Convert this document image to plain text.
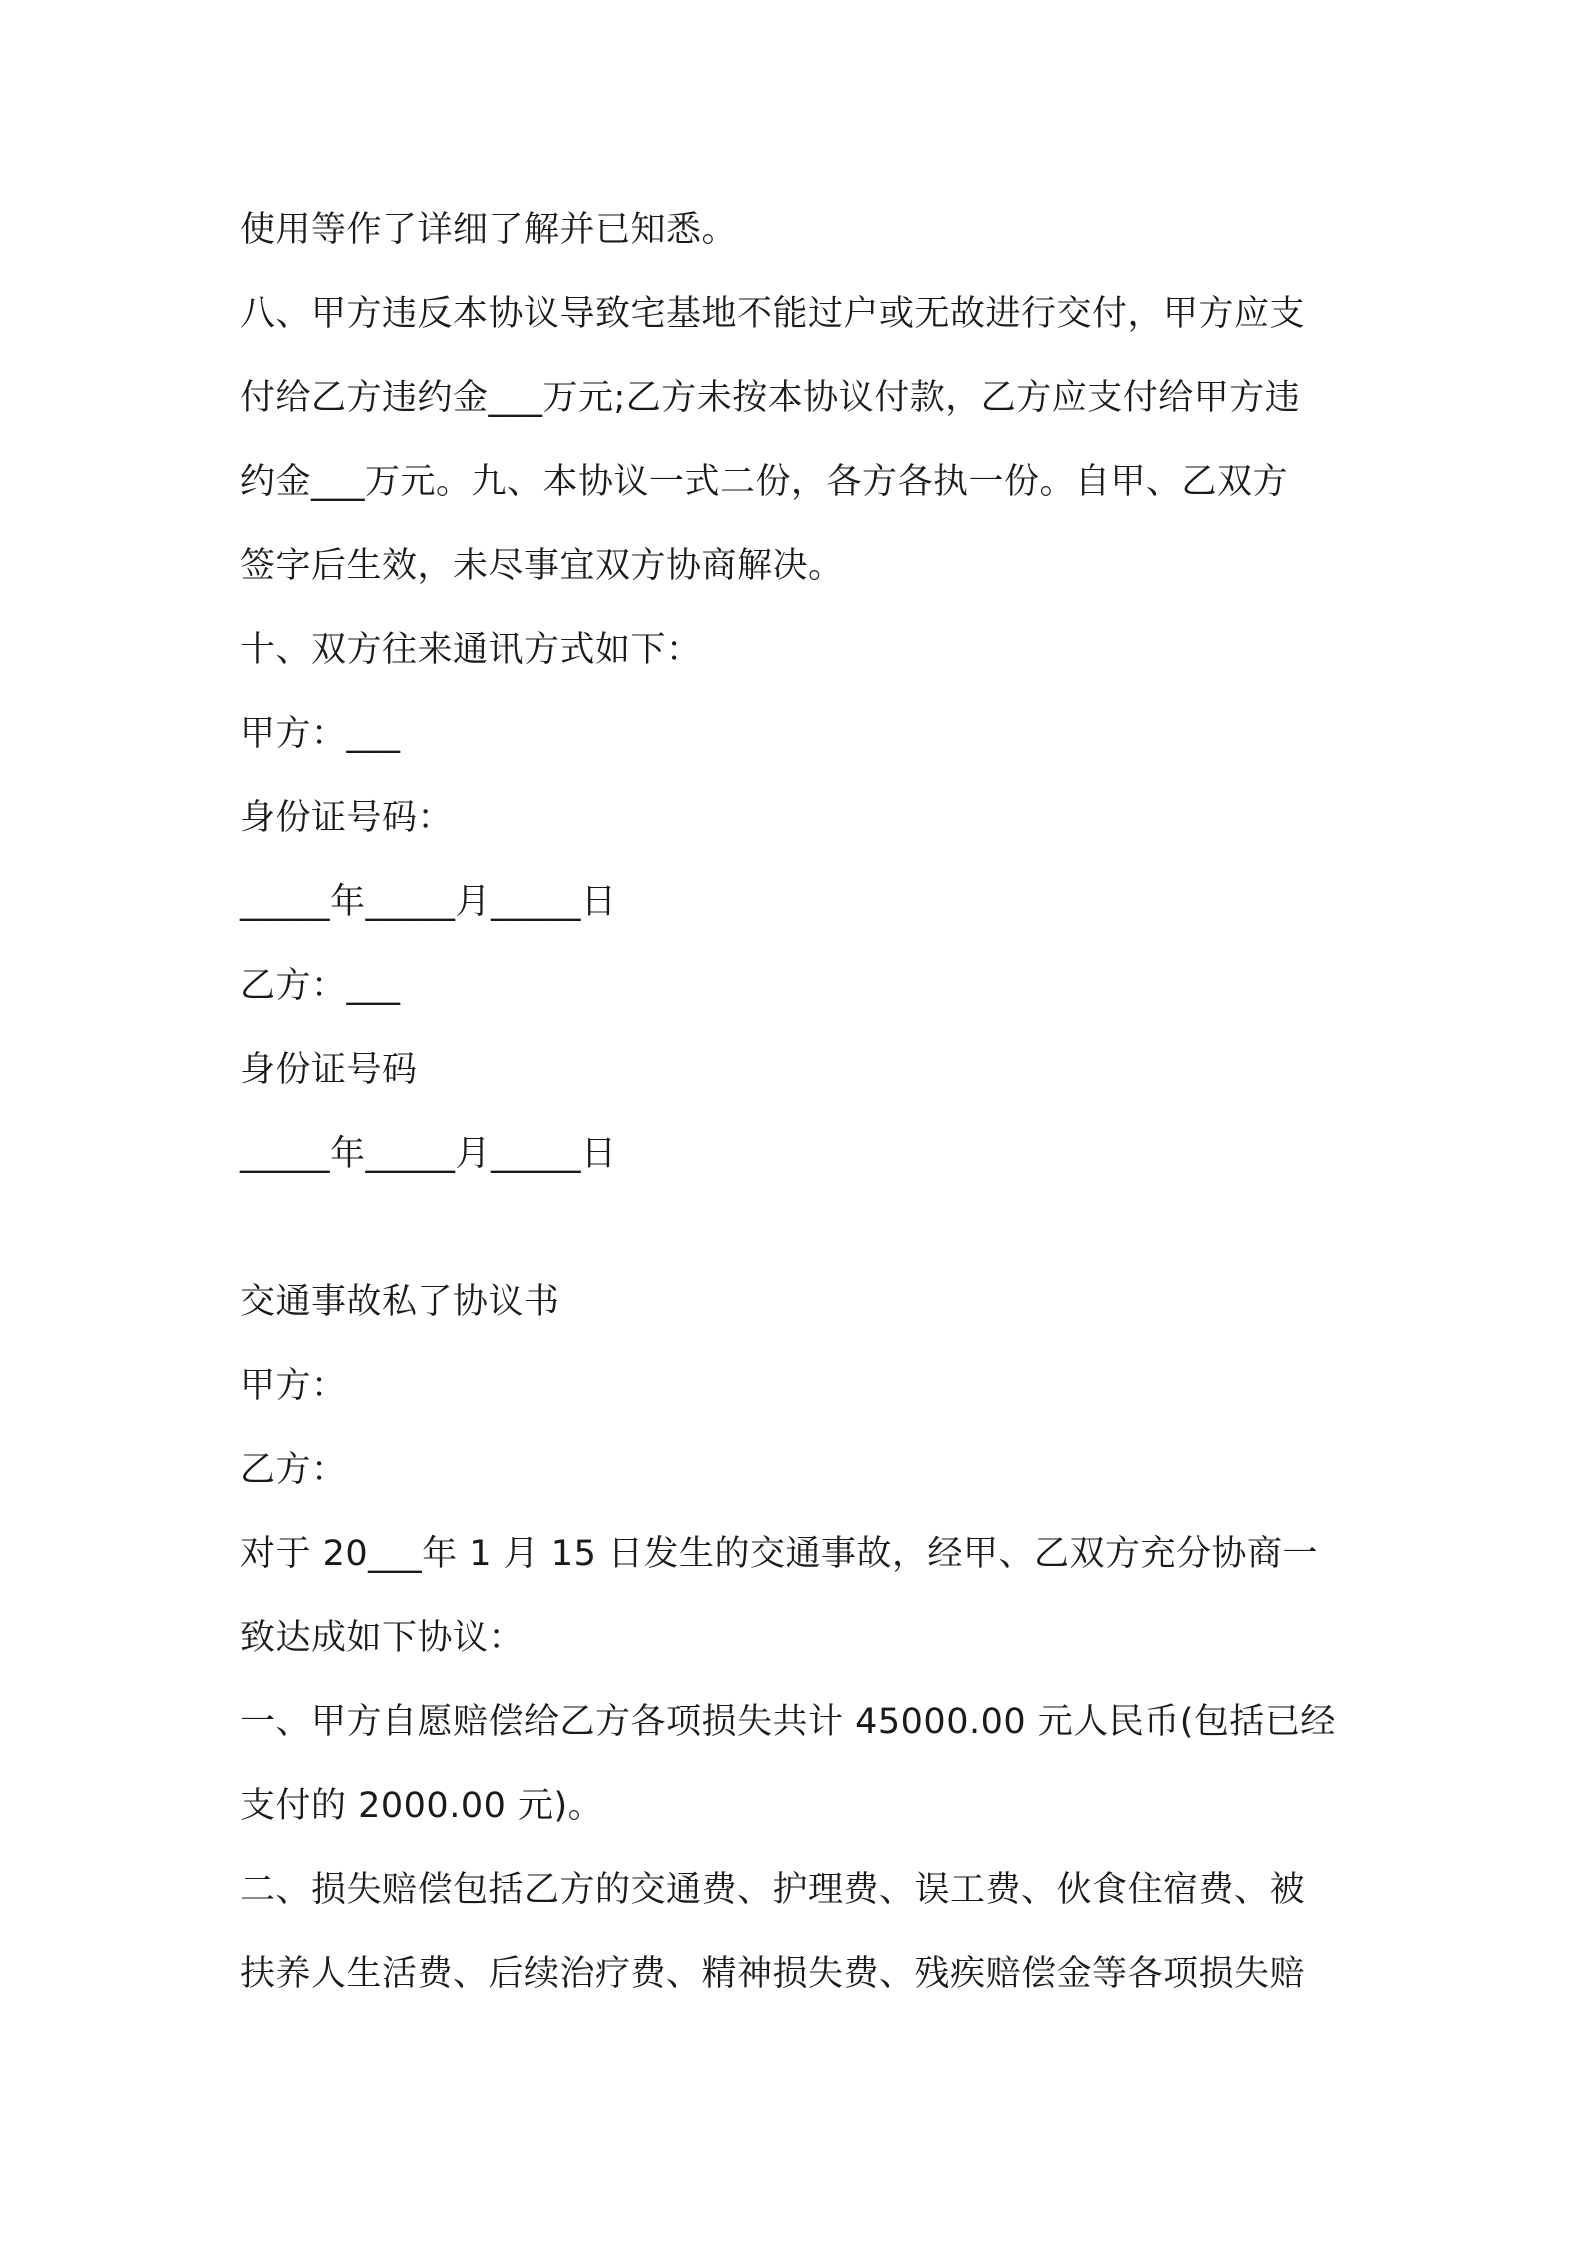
使用等作了详细了解并已知悉。
八、甲方违反本协议导致宅基地不能过户或无故进行交付，甲方应支
付给乙方违约金___万元;乙方未按本协议付款，乙方应支付给甲方违
约金___万元。九、本协议一式二份，各方各执一份。自甲、乙双方
签字后生效，未尽事宜双方协商解决。
十、双方往来通讯方式如下：
甲方：___
身份证号码：
_____年_____月_____日
乙方：___
身份证号码
_____年_____月_____日
交通事故私了协议书
甲方：
乙方：
对于 20___年 1 月 15 日发生的交通事故，经甲、乙双方充分协商一
致达成如下协议：
一、甲方自愿赔偿给乙方各项损失共计 45000.00 元人民币(包括已经
支付的 2000.00 元)。
二、损失赔偿包括乙方的交通费、护理费、误工费、伙食住宿费、被
扶养人生活费、后续治疗费、精神损失费、残疾赔偿金等各项损失赔
